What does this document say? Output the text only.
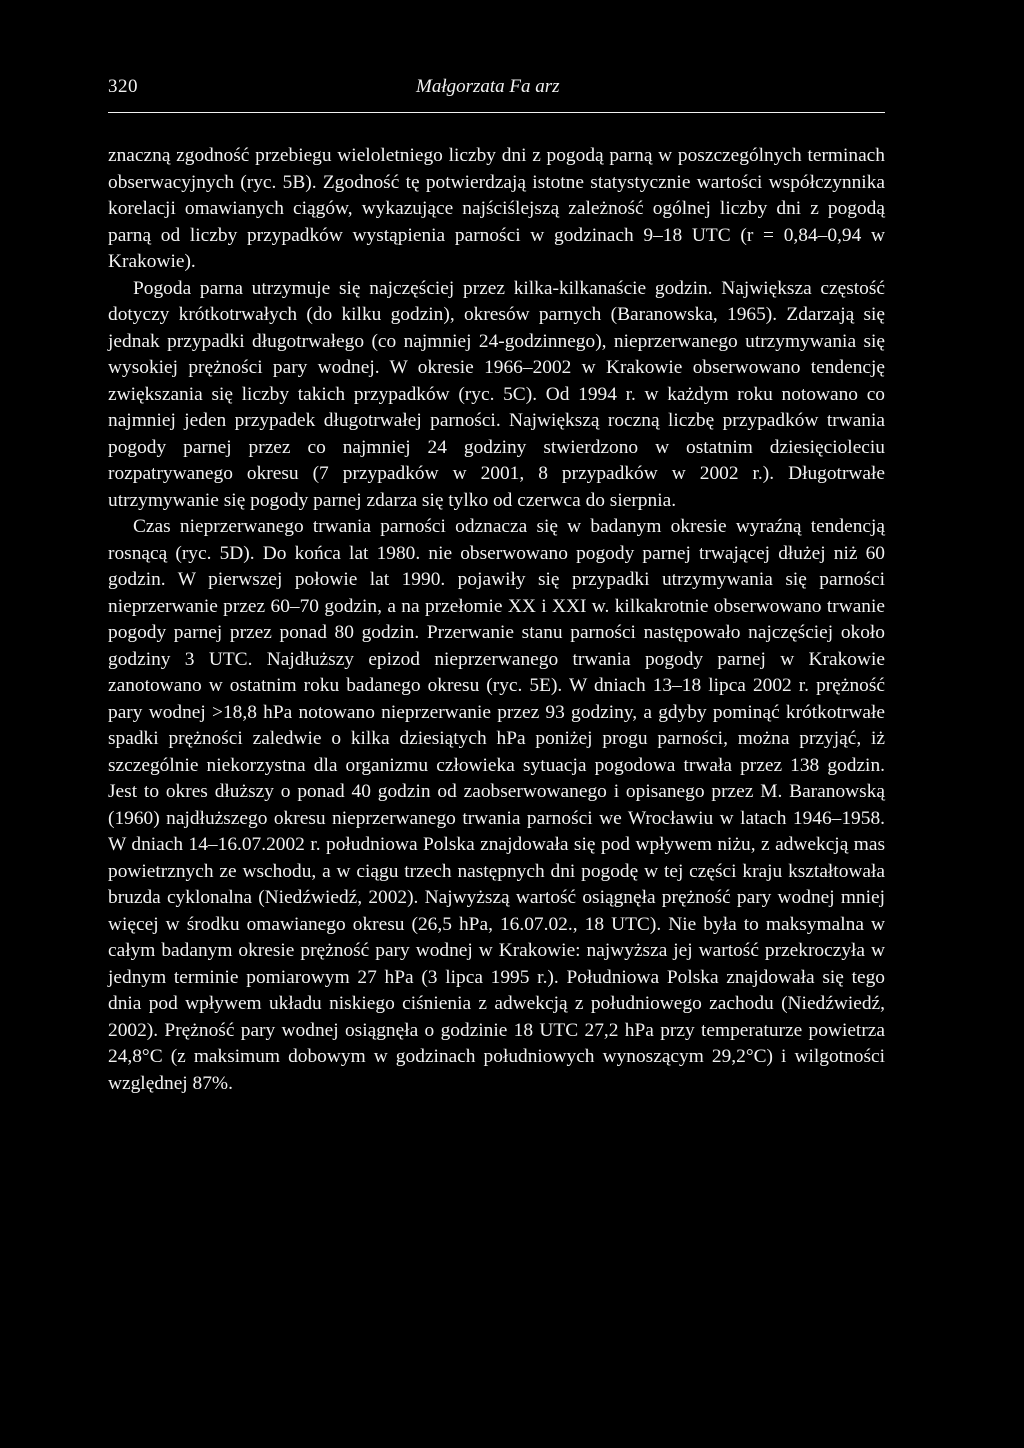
320	Małgorzata Fa arz

znaczną zgodność przebiegu wieloletniego liczby dni z pogodą parną w poszczególnych terminach obserwacyjnych (ryc. 5B). Zgodność tę potwierdzają istotne statystycznie wartości współczynnika korelacji omawianych ciągów, wykazujące najściślejszą zależność ogólnej liczby dni z pogodą parną od liczby przypadków wystąpienia parności w godzinach 9–18 UTC (r = 0,84–0,94 w Krakowie).

Pogoda parna utrzymuje się najczęściej przez kilka-kilkanaście godzin. Największa częstość dotyczy krótkotrwałych (do kilku godzin), okresów parnych (Baranowska, 1965). Zdarzają się jednak przypadki długotrwałego (co najmniej 24-godzinnego), nieprzerwanego utrzymywania się wysokiej prężności pary wodnej. W okresie 1966–2002 w Krakowie obserwowano tendencję zwiększania się liczby takich przypadków (ryc. 5C). Od 1994 r. w każdym roku notowano co najmniej jeden przypadek długotrwałej parności. Największą roczną liczbę przypadków trwania pogody parnej przez co najmniej 24 godziny stwierdzono w ostatnim dziesięcioleciu rozpatrywanego okresu (7 przypadków w 2001, 8 przypadków w 2002 r.). Długotrwałe utrzymywanie się pogody parnej zdarza się tylko od czerwca do sierpnia.

Czas nieprzerwanego trwania parności odznacza się w badanym okresie wyraźną tendencją rosnącą (ryc. 5D). Do końca lat 1980. nie obserwowano pogody parnej trwającej dłużej niż 60 godzin. W pierwszej połowie lat 1990. pojawiły się przypadki utrzymywania się parności nieprzerwanie przez 60–70 godzin, a na przełomie XX i XXI w. kilkakrotnie obserwowano trwanie pogody parnej przez ponad 80 godzin. Przerwanie stanu parności następowało najczęściej około godziny 3 UTC. Najdłuższy epizod nieprzerwanego trwania pogody parnej w Krakowie zanotowano w ostatnim roku badanego okresu (ryc. 5E). W dniach 13–18 lipca 2002 r. prężność pary wodnej >18,8 hPa notowano nieprzerwanie przez 93 godziny, a gdyby pominąć krótkotrwałe spadki prężności zaledwie o kilka dziesiątych hPa poniżej progu parności, można przyjąć, iż szczególnie niekorzystna dla organizmu człowieka sytuacja pogodowa trwała przez 138 godzin. Jest to okres dłuższy o ponad 40 godzin od zaobserwowanego i opisanego przez M. Baranowską (1960) najdłuższego okresu nieprzerwanego trwania parności we Wrocławiu w latach 1946–1958. W dniach 14–16.07.2002 r. południowa Polska znajdowała się pod wpływem niżu, z adwekcją mas powietrznych ze wschodu, a w ciągu trzech następnych dni pogodę w tej części kraju kształtowała bruzda cyklonalna (Niedźwiedź, 2002). Najwyższą wartość osiągnęła prężność pary wodnej mniej więcej w środku omawianego okresu (26,5 hPa, 16.07.02., 18 UTC). Nie była to maksymalna w całym badanym okresie prężność pary wodnej w Krakowie: najwyższa jej wartość przekroczyła w jednym terminie pomiarowym 27 hPa (3 lipca 1995 r.). Południowa Polska znajdowała się tego dnia pod wpływem układu niskiego ciśnienia z adwekcją z południowego zachodu (Niedźwiedź, 2002). Prężność pary wodnej osiągnęła o godzinie 18 UTC 27,2 hPa przy temperaturze powietrza 24,8°C (z maksimum dobowym w godzinach południowych wynoszącym 29,2°C) i wilgotności względnej 87%.
